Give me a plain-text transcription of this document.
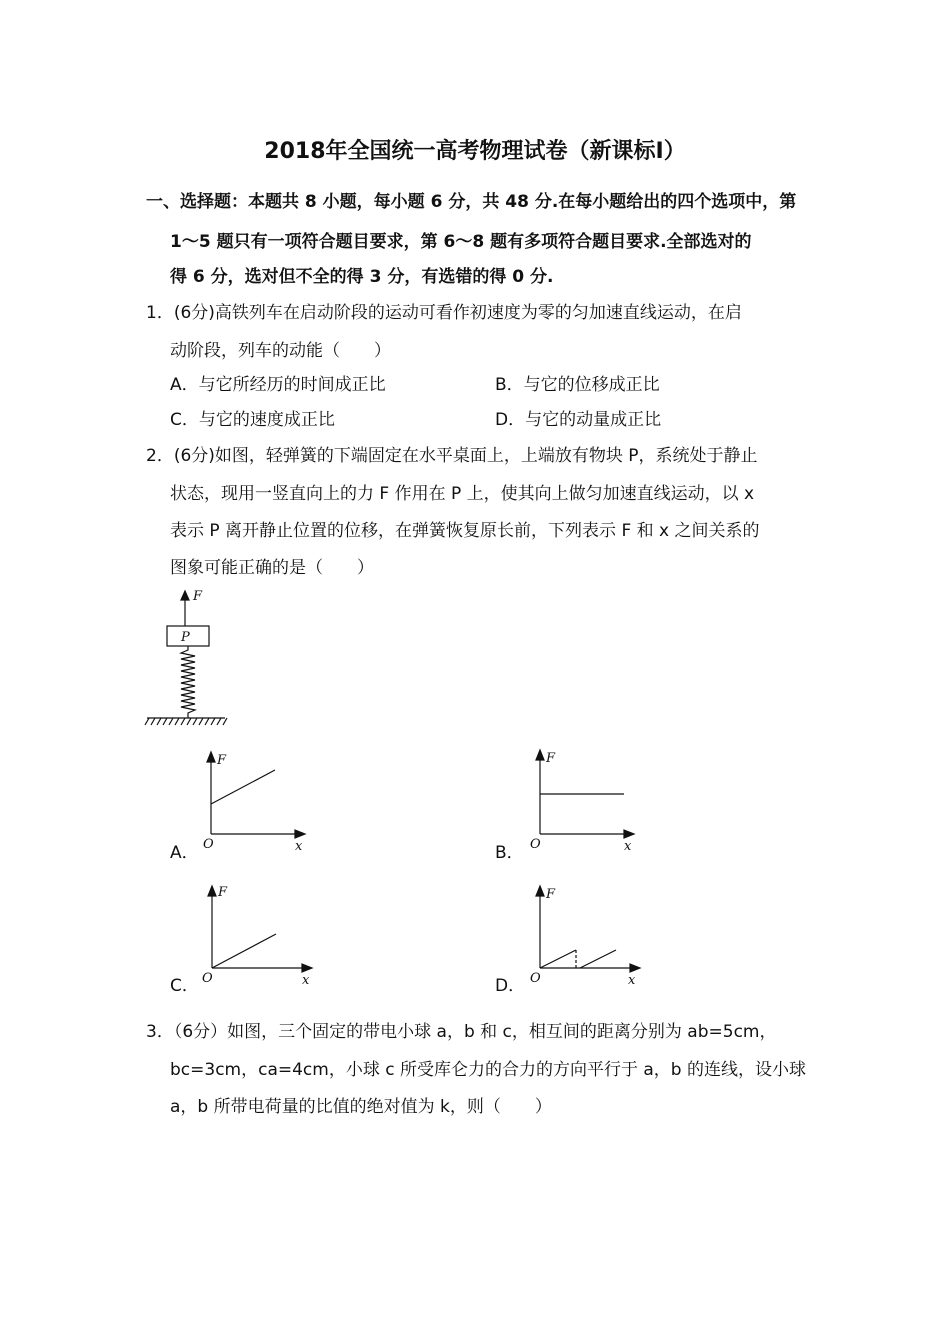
2018年全国统一高考物理试卷（新课标Ⅰ）
一、选择题：本题共 8 小题，每小题 6 分，共 48 分.在每小题给出的四个选项中，第
1～5 题只有一项符合题目要求，第 6～8 题有多项符合题目要求.全部选对的
得 6 分，选对但不全的得 3 分，有选错的得 0 分.
1．(6分)高铁列车在启动阶段的运动可看作初速度为零的匀加速直线运动，在启
动阶段，列车的动能（　　）
A．与它所经历的时间成正比	B．与它的位移成正比
C．与它的速度成正比	D．与它的动量成正比
2．(6分)如图，轻弹簧的下端固定在水平桌面上，上端放有物块 P，系统处于静止
状态，现用一竖直向上的力 F 作用在 P 上，使其向上做匀加速直线运动，以 x
表示 P 离开静止位置的位移，在弹簧恢复原长前，下列表示 F 和 x 之间关系的
图象可能正确的是（　　）
F
P
A．
F
O	x	B．
F
O	x
C．
F
O	x	D．
F
O	x
3．（6分）如图，三个固定的带电小球 a，b 和 c，相互间的距离分别为 ab=5cm，
bc=3cm，ca=4cm，小球 c 所受库仑力的合力的方向平行于 a，b 的连线，设小球
a，b 所带电荷量的比值的绝对值为 k，则（　　）
